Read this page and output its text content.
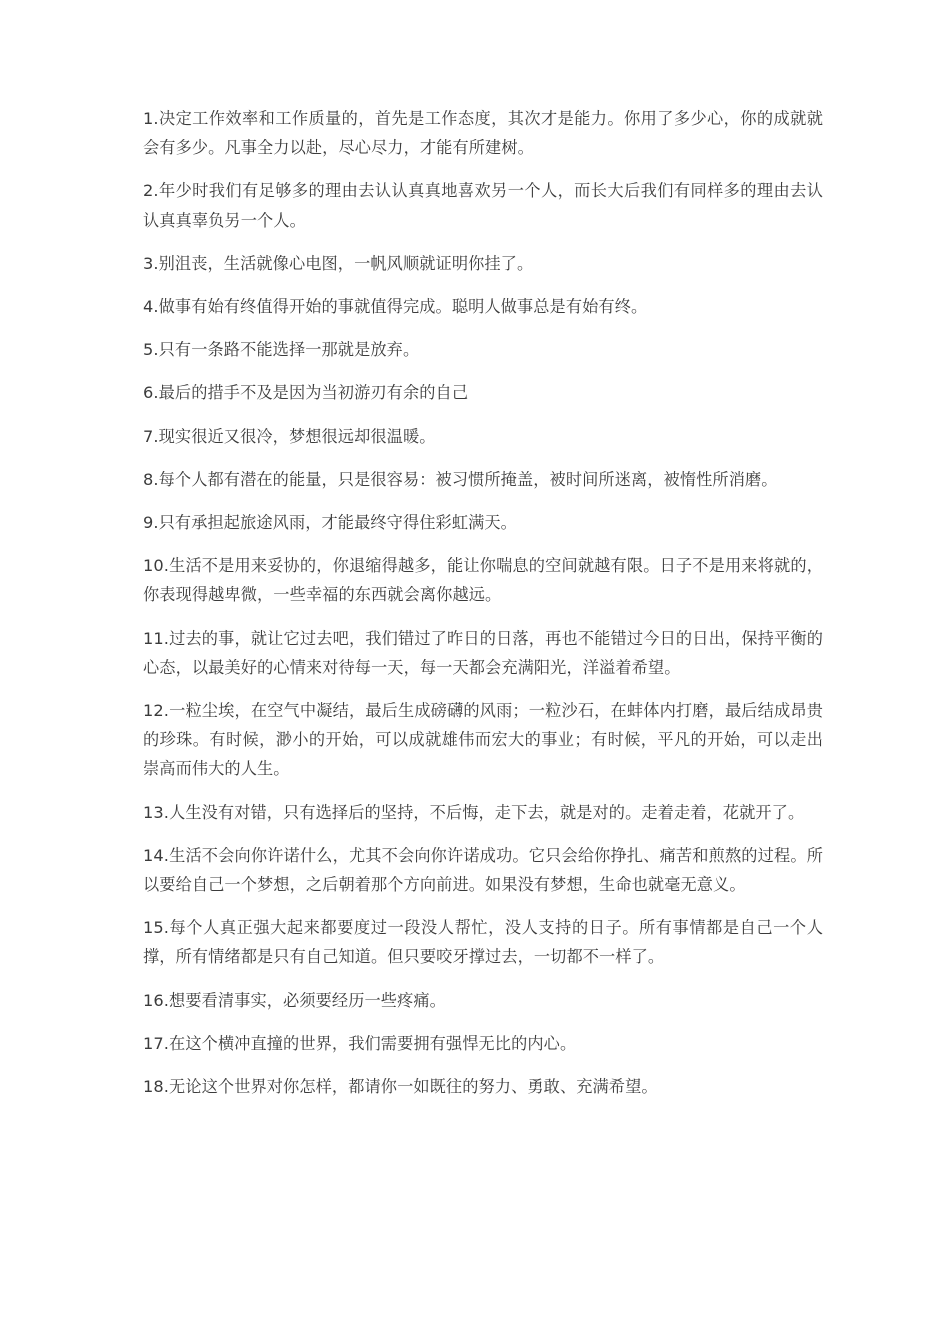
1.决定工作效率和工作质量的，首先是工作态度，其次才是能力。你用了多少心，你的成就就会有多少。凡事全力以赴，尽心尽力，才能有所建树。

2.年少时我们有足够多的理由去认认真真地喜欢另一个人，而长大后我们有同样多的理由去认认真真辜负另一个人。

3.别沮丧，生活就像心电图，一帆风顺就证明你挂了。

4.做事有始有终值得开始的事就值得完成。聪明人做事总是有始有终。

5.只有一条路不能选择一那就是放弃。

6.最后的措手不及是因为当初游刃有余的自己

7.现实很近又很冷，梦想很远却很温暖。

8.每个人都有潜在的能量，只是很容易：被习惯所掩盖，被时间所迷离，被惰性所消磨。

9.只有承担起旅途风雨，才能最终守得住彩虹满天。

10.生活不是用来妥协的，你退缩得越多，能让你喘息的空间就越有限。日子不是用来将就的，你表现得越卑微，一些幸福的东西就会离你越远。

11.过去的事，就让它过去吧，我们错过了昨日的日落，再也不能错过今日的日出，保持平衡的心态，以最美好的心情来对待每一天，每一天都会充满阳光，洋溢着希望。

12.一粒尘埃，在空气中凝结，最后生成磅礴的风雨；一粒沙石，在蚌体内打磨，最后结成昂贵的珍珠。有时候，渺小的开始，可以成就雄伟而宏大的事业；有时候，平凡的开始，可以走出崇高而伟大的人生。

13.人生没有对错，只有选择后的坚持，不后悔，走下去，就是对的。走着走着，花就开了。

14.生活不会向你许诺什么，尤其不会向你许诺成功。它只会给你挣扎、痛苦和煎熬的过程。所以要给自己一个梦想，之后朝着那个方向前进。如果没有梦想，生命也就毫无意义。

15.每个人真正强大起来都要度过一段没人帮忙，没人支持的日子。所有事情都是自己一个人撑，所有情绪都是只有自己知道。但只要咬牙撑过去，一切都不一样了。

16.想要看清事实，必须要经历一些疼痛。

17.在这个横冲直撞的世界，我们需要拥有强悍无比的内心。

18.无论这个世界对你怎样，都请你一如既往的努力、勇敢、充满希望。
